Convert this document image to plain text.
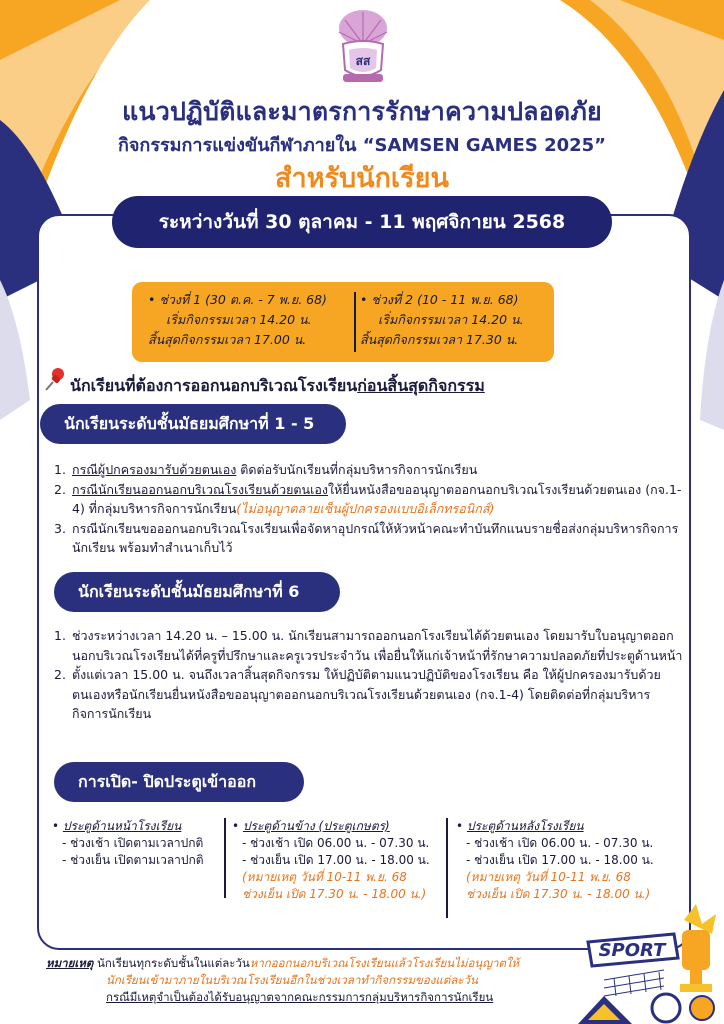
สส
แนวปฏิบัติและมาตรการรักษาความปลอดภัย
กิจกรรมการแข่งขันกีฬาภายใน “SAMSEN GAMES 2025”
สำหรับนักเรียน
ระหว่างวันที่ 30 ตุลาคม - 11 พฤศจิกายน 2568
• ช่วงที่ 1 (30 ต.ค. - 7 พ.ย. 68)
เริ่มกิจกรรมเวลา 14.20 น.
สิ้นสุดกิจกรรมเวลา 17.00 น.
• ช่วงที่ 2 (10 - 11 พ.ย. 68)
เริ่มกิจกรรมเวลา 14.20 น.
สิ้นสุดกิจกรรมเวลา 17.30 น.
นักเรียนที่ต้องการออกนอกบริเวณโรงเรียนก่อนสิ้นสุดกิจกรรม
นักเรียนระดับชั้นมัธยมศึกษาที่ 1 - 5
1. กรณีผู้ปกครองมารับด้วยตนเอง ติดต่อรับนักเรียนที่กลุ่มบริหารกิจการนักเรียน
2. กรณีนักเรียนออกนอกบริเวณโรงเรียนด้วยตนเองให้ยื่นหนังสือขออนุญาตออกนอกบริเวณโรงเรียนด้วยตนเอง (กจ.1-4) ที่กลุ่มบริหารกิจการนักเรียน(ไม่อนุญาตลายเซ็นผู้ปกครองแบบอิเล็กทรอนิกส์)
3. กรณีนักเรียนขอออกนอกบริเวณโรงเรียนเพื่อจัดหาอุปกรณ์ให้หัวหน้าคณะทำบันทึกแนบรายชื่อส่งกลุ่มบริหารกิจการนักเรียน พร้อมทำสำเนาเก็บไว้
นักเรียนระดับชั้นมัธยมศึกษาที่ 6
1. ช่วงระหว่างเวลา 14.20 น. – 15.00 น. นักเรียนสามารถออกนอกโรงเรียนได้ด้วยตนเอง โดยมารับใบอนุญาตออกนอกบริเวณโรงเรียนได้ที่ครูที่ปรึกษาและครูเวรประจำวัน เพื่อยื่นให้แก่เจ้าหน้าที่รักษาความปลอดภัยที่ประตูด้านหน้า
2. ตั้งแต่เวลา 15.00 น. จนถึงเวลาสิ้นสุดกิจกรรม ให้ปฏิบัติตามแนวปฏิบัติของโรงเรียน คือ ให้ผู้ปกครองมารับด้วยตนเองหรือนักเรียนยื่นหนังสือขออนุญาตออกนอกบริเวณโรงเรียนด้วยตนเอง (กจ.1-4) โดยติดต่อที่กลุ่มบริหารกิจการนักเรียน
การเปิด- ปิดประตูเข้าออก
• ประตูด้านหน้าโรงเรียน
- ช่วงเช้า เปิดตามเวลาปกติ
- ช่วงเย็น เปิดตามเวลาปกติ
• ประตูด้านข้าง (ประตูเกษตร)
- ช่วงเช้า เปิด 06.00 น. - 07.30 น.
- ช่วงเย็น เปิด 17.00 น. - 18.00 น.
(หมายเหตุ วันที่ 10-11 พ.ย. 68
ช่วงเย็น เปิด 17.30 น. - 18.00 น.)
• ประตูด้านหลังโรงเรียน
- ช่วงเช้า เปิด 06.00 น. - 07.30 น.
- ช่วงเย็น เปิด 17.00 น. - 18.00 น.
(หมายเหตุ วันที่ 10-11 พ.ย. 68
ช่วงเย็น เปิด 17.30 น. - 18.00 น.)
หมายเหตุ นักเรียนทุกระดับชั้นในแต่ละวันหากออกนอกบริเวณโรงเรียนแล้วโรงเรียนไม่อนุญาตให้
นักเรียนเข้ามาภายในบริเวณโรงเรียนอีกในช่วงเวลาทำกิจกรรมของแต่ละวัน
กรณีมีเหตุจำเป็นต้องได้รับอนุญาตจากคณะกรรมการกลุ่มบริหารกิจการนักเรียน
SPORT
